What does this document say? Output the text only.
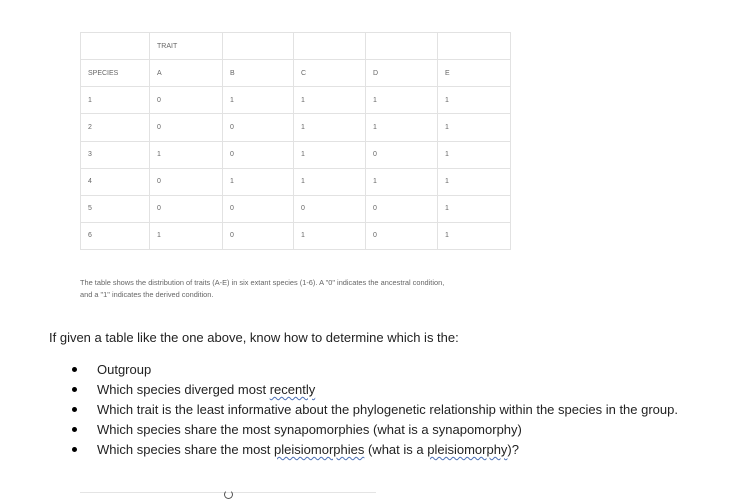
	TRAIT				
SPECIES	A	B	C	D	E
1	0	1	1	1	1
2	0	0	1	1	1
3	1	0	1	0	1
4	0	1	1	1	1
5	0	0	0	0	1
6	1	0	1	0	1
The table shows the distribution of traits (A-E) in six extant species (1-6). A "0" indicates the ancestral condition,
and a "1" indicates the derived condition.
If given a table like the one above, know how to determine which is the:
Outgroup
Which species diverged most recently
Which trait is the least informative about the phylogenetic relationship within the species in the group.
Which species share the most synapomorphies (what is a synapomorphy)
Which species share the most pleisiomorphies (what is a pleisiomorphy)?
